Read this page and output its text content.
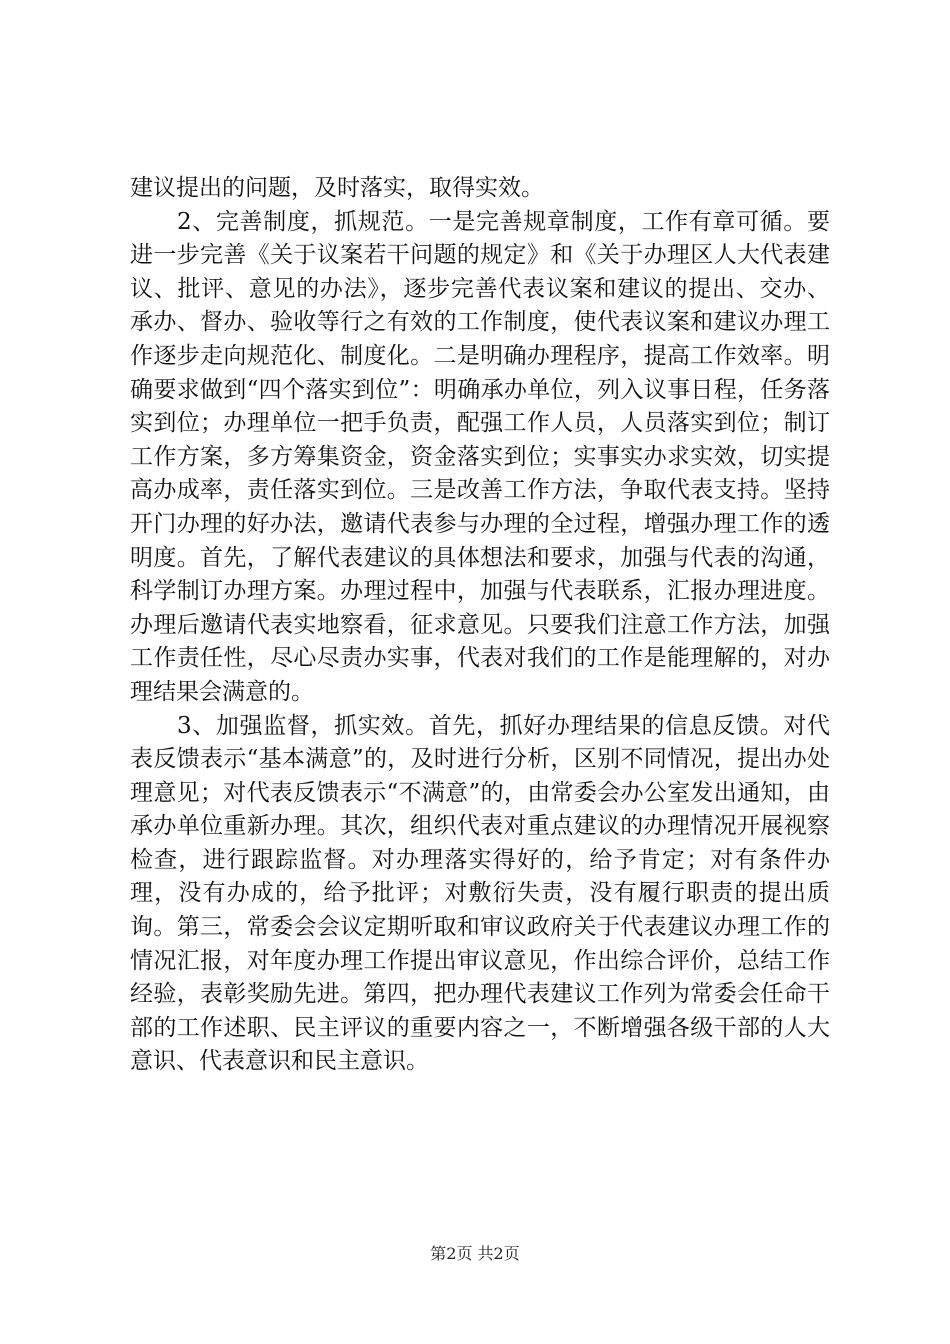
建议提出的问题，及时落实，取得实效。

2、完善制度，抓规范。一是完善规章制度，工作有章可循。要进一步完善《关于议案若干问题的规定》和《关于办理区人大代表建议、批评、意见的办法》，逐步完善代表议案和建议的提出、交办、承办、督办、验收等行之有效的工作制度，使代表议案和建议办理工作逐步走向规范化、制度化。二是明确办理程序，提高工作效率。明确要求做到“四个落实到位”：明确承办单位，列入议事日程，任务落实到位；办理单位一把手负责，配强工作人员，人员落实到位；制订工作方案，多方筹集资金，资金落实到位；实事实办求实效，切实提高办成率，责任落实到位。三是改善工作方法，争取代表支持。坚持开门办理的好办法，邀请代表参与办理的全过程，增强办理工作的透明度。首先，了解代表建议的具体想法和要求，加强与代表的沟通，科学制订办理方案。办理过程中，加强与代表联系，汇报办理进度。办理后邀请代表实地察看，征求意见。只要我们注意工作方法，加强工作责任性，尽心尽责办实事，代表对我们的工作是能理解的，对办理结果会满意的。

3、加强监督，抓实效。首先，抓好办理结果的信息反馈。对代表反馈表示“基本满意”的，及时进行分析，区别不同情况，提出办处理意见；对代表反馈表示“不满意”的，由常委会办公室发出通知，由承办单位重新办理。其次，组织代表对重点建议的办理情况开展视察检查，进行跟踪监督。对办理落实得好的，给予肯定；对有条件办理，没有办成的，给予批评；对敷衍失责，没有履行职责的提出质询。第三，常委会会议定期听取和审议政府关于代表建议办理工作的情况汇报，对年度办理工作提出审议意见，作出综合评价，总结工作经验，表彰奖励先进。第四，把办理代表建议工作列为常委会任命干部的工作述职、民主评议的重要内容之一，不断增强各级干部的人大意识、代表意识和民主意识。

第2页 共2页
